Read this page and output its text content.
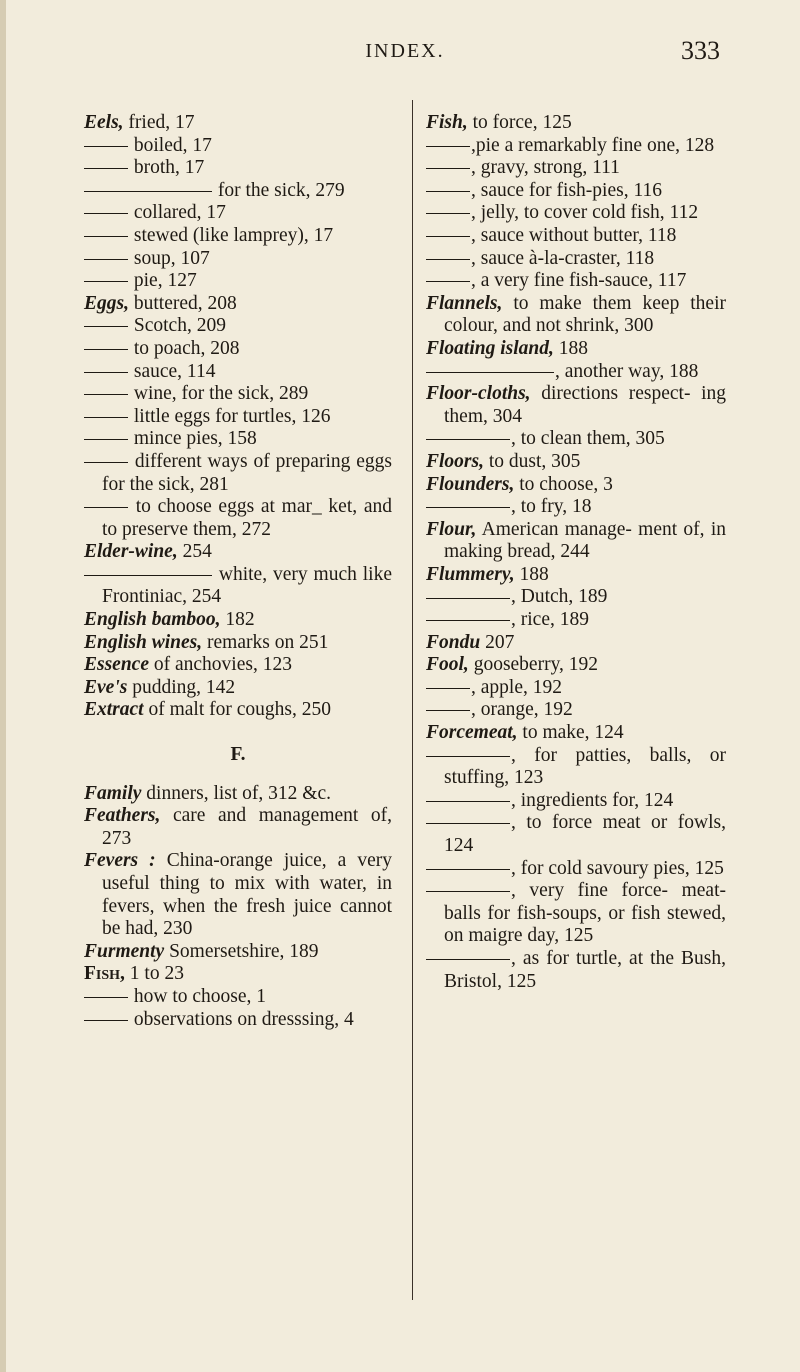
INDEX.	333

Eels, fried, 17

boiled, 17

broth, 17

for the sick, 279

collared, 17

stewed (like lamprey), 17

soup, 107

pie, 127

Eggs, buttered, 208

Scotch, 209

to poach, 208

sauce, 114

wine, for the sick, 289

little eggs for turtles, 126

mince pies, 158

different ways of preparing eggs for the sick, 281

to choose eggs at mar_ ket, and to preserve them, 272

Elder-wine, 254

white, very much like Frontiniac, 254

English bamboo, 182

English wines, remarks on 251

Essence of anchovies, 123

Eve's pudding, 142

Extract of malt for coughs, 250

F.

Family dinners, list of, 312 &c.

Feathers, care and management of, 273

Fevers : China-orange juice, a very useful thing to mix with water, in fevers, when the fresh juice cannot be had, 230

Furmenty Somersetshire, 189

Fish, 1 to 23

how to choose, 1

observations on dresssing, 4

Fish, to force, 125

,pie a remarkably fine one, 128

, gravy, strong, 111

, sauce for fish-pies, 116

, jelly, to cover cold fish, 112

, sauce without butter, 118

, sauce à-la-craster, 118

, a very fine fish-sauce, 117

Flannels, to make them keep their colour, and not shrink, 300

Floating island, 188

, another way, 188

Floor-cloths, directions respect- ing them, 304

, to clean them, 305

Floors, to dust, 305

Flounders, to choose, 3

, to fry, 18

Flour, American manage- ment of, in making bread, 244

Flummery, 188

, Dutch, 189

, rice, 189

Fondu 207

Fool, gooseberry, 192

, apple, 192

, orange, 192

Forcemeat, to make, 124

, for patties, balls, or stuffing, 123

, ingredients for, 124

, to force meat or fowls, 124

, for cold savoury pies, 125

, very fine force- meat-balls for fish-soups, or fish stewed, on maigre day, 125

, as for turtle, at the Bush, Bristol, 125
